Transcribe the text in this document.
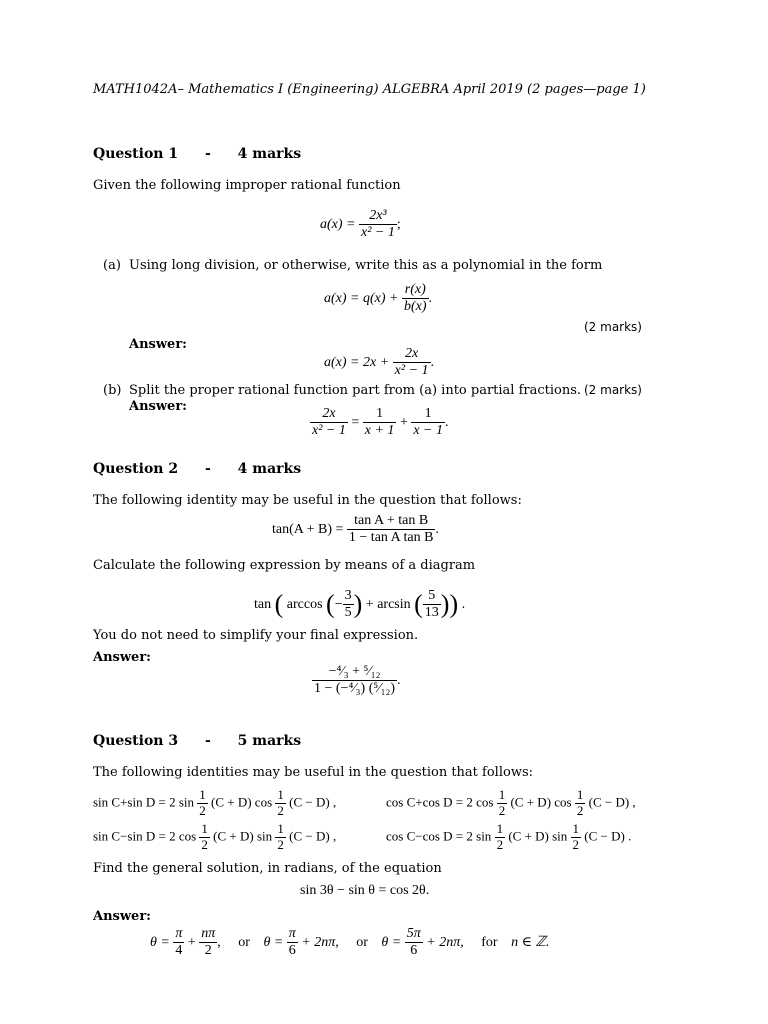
MATH1042A– Mathematics I (Engineering) ALGEBRA April 2019 (2 pages—page 1)
Question 1 - 4 marks
Given the following improper rational function
$a(x) = \frac{\text{2x³}}{\text{x² − 1}}$ ;
(a) Using long division, or otherwise, write this as a polynomial in the form
$a(x) = q(x) + \frac{r(x)}{b(x)}$ .
(2 marks)
Answer:
$a(x) = 2x + \frac{2x}{\text{x² − 1}}$ .
(b) Split the proper rational function part from (a) into partial fractions. (2 marks)
Answer:	$\frac{2x}{\text{x² − 1}} = \frac{1}{x + 1} + \frac{1}{x - 1}$ .
Question 2 - 4 marks
The following identity may be useful in the question that follows:
$\tan(A + B) = \frac{\text{tan A + tan B}}{\text{1 − tan A tan B}}$ .
Calculate the following expression by means of a diagram
tan ( arccos (− $\frac{3}{5}$ ) + arcsin ( $\frac{5}{13}$ )) .
You do not need to simplify your final expression.
Answer:
$\frac{\text{−⁴⁄₃ + ⁵⁄₁₂}}{\text{1 − (−⁴⁄₃) (⁵⁄₁₂)}}$ .
Question 3 - 5 marks
The following identities may be useful in the question that follows:
sin C+sin D = 2 $\sin \frac{1}{2} (C + D)$ $\cos \frac{1}{2} (C - D)$ ,	cos C+cos D = 2 $\cos \frac{1}{2} (C + D)$ $\cos \frac{1}{2} (C - D)$ ,
sin C−sin D = 2 $\cos \frac{1}{2} (C + D)$ $\sin \frac{1}{2} (C - D)$ ,	cos C−cos D = 2 $\sin \frac{1}{2} (C + D)$ $\sin \frac{1}{2} (C - D)$ .
Find the general solution, in radians, of the equation
sin 3θ − sin θ = cos 2θ.
Answer:
$\theta = \frac{\pi}{4} + \frac{n\pi}{2}$ , or $\theta = \frac{\pi}{6} + 2n\pi$, or $\theta = \frac{5\pi}{6} + 2n\pi$, for n ∈ ℤ.
